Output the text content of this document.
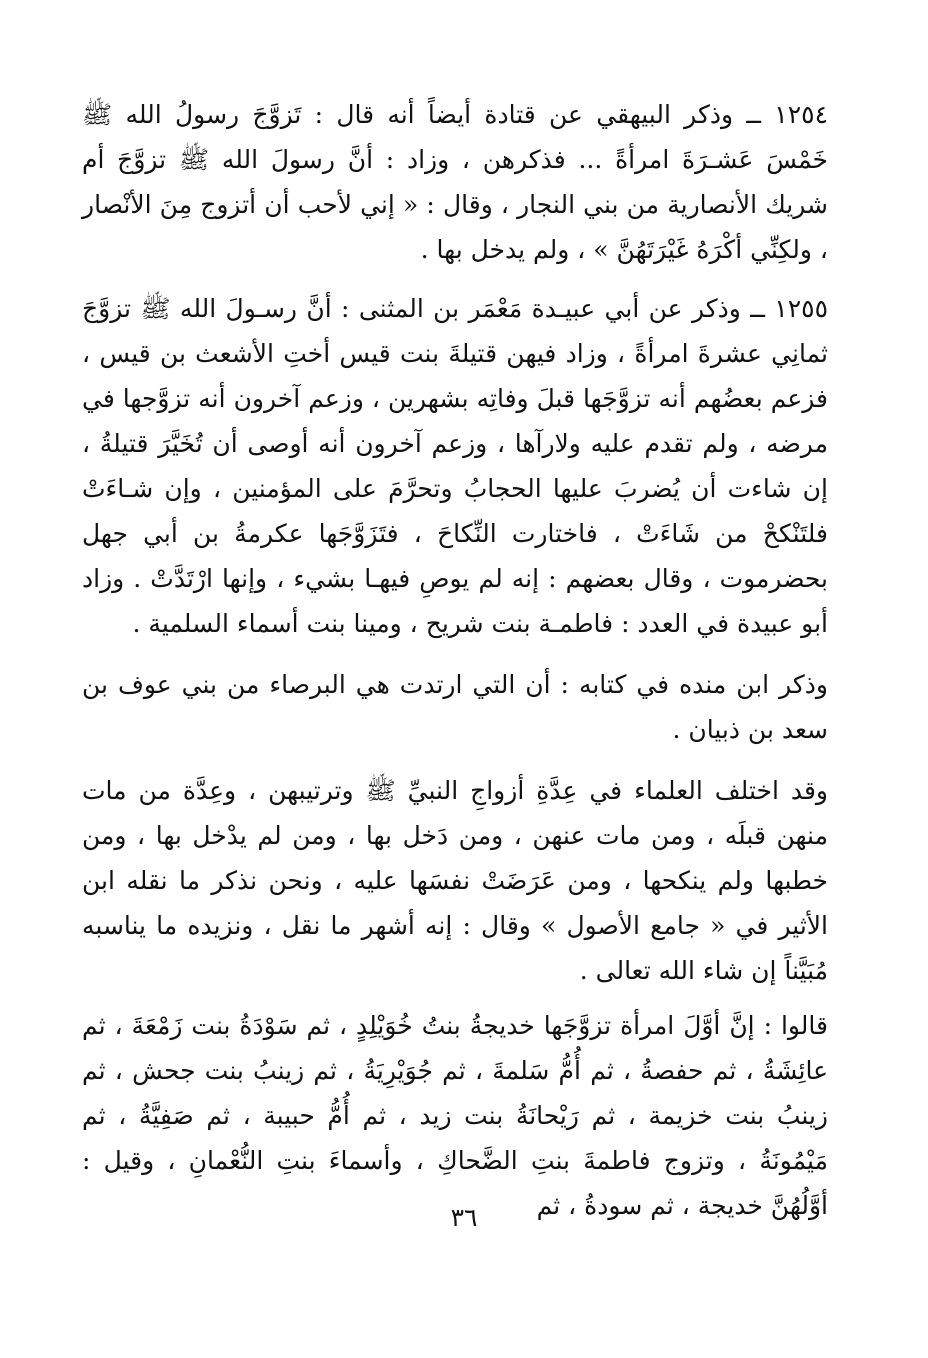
١٢٥٤ ــ وذكر البيهقي عن قتادة أيضاً أنه قال : تَزوَّجَ رسولُ الله ﷺ خَمْسَ عَشـرَةَ امرأةً ... فذكرهن ، وزاد : أنَّ رسولَ الله ﷺ تزوَّجَ أم شريك الأنصارية من بني النجار ، وقال : « إني لأحب أن أتزوج مِنَ الأنْصار ، ولكِنِّي أكْرَهُ غَيْرَتَهُنَّ » ، ولم يدخل بها .

١٢٥٥ ــ وذكر عن أبي عبيـدة مَعْمَر بن المثنى : أنَّ رسـولَ الله ﷺ تزوَّجَ ثمانِي عشرةَ امرأةً ، وزاد فيهن قتيلةَ بنت قيس أختِ الأشعث بن قيس ، فزعم بعضُهم أنه تزوَّجَها قبلَ وفاتِه بشهرين ، وزعم آخرون أنه تزوَّجها في مرضه ، ولم تقدم عليه ولارآها ، وزعم آخرون أنه أوصى أن تُخَيَّرَ قتيلةُ ، إن شاءت أن يُضربَ عليها الحجابُ وتحرَّمَ على المؤمنين ، وإن شـاءَتْ فلتَنْكحْ من شَاءَتْ ، فاختارت النِّكاحَ ، فتَزَوَّجَها عكرمةُ بن أبي جهل بحضرموت ، وقال بعضهم : إنه لم يوصِ فيهـا بشيء ، وإنها ارْتَدَّتْ . وزاد أبو عبيدة في العدد : فاطمـة بنت شريح ، ومينا بنت أسماء السلمية .

وذكر ابن منده في كتابه : أن التي ارتدت هي البرصاء من بني عوف بن سعد بن ذبيان .

وقد اختلف العلماء في عِدَّةِ أزواجِ النبيِّ ﷺ وترتيبهن ، وعِدَّة من مات منهن قبلَه ، ومن مات عنهن ، ومن دَخل بها ، ومن لم يدْخل بها ، ومن خطبها ولم ينكحها ، ومن عَرَضَتْ نفسَها عليه ، ونحن نذكر ما نقله ابن الأثير في « جامع الأصول » وقال : إنه أشهر ما نقل ، ونزيده ما يناسبه مُبَيَّناً إن شاء الله تعالى .

قالوا : إنَّ أوَّلَ امرأة تزوَّجَها خديجةُ بنتُ خُوَيْلِدٍ ، ثم سَوْدَةُ بنت زَمْعَةَ ، ثم عائِشَةُ ، ثم حفصةُ ، ثم أُمُّ سَلمةَ ، ثم جُوَيْرِيَةُ ، ثم زينبُ بنت جحش ، ثم زينبُ بنت خزيمة ، ثم رَيْحانَةُ بنت زيد ، ثم أُمُّ حبيبة ، ثم صَفِيَّةُ ، ثم مَيْمُونَةُ ، وتزوج فاطمةَ بنتِ الضَّحاكِ ، وأسماءَ بنتِ النُّعْمانِ ، وقيل : أوَّلُهُنَّ خديجة ، ثم سودةُ ، ثم

٣٦
